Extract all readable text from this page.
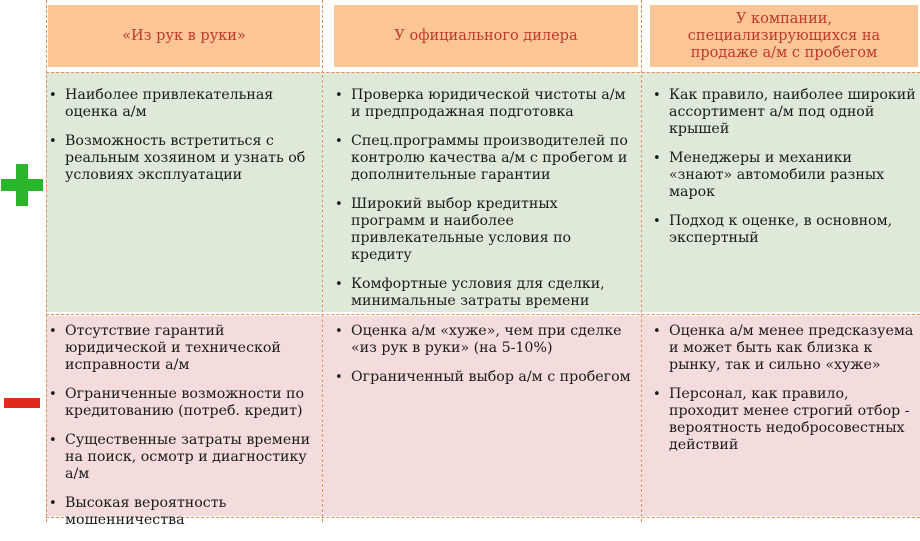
«Из рук в руки»	У официального дилера
У компании, специализирующихся на продаже а/м с пробегом
• Наиболее привлекательная оценка а/м
• Возможность встретиться с реальным хозяином и узнать об условиях эксплуатации
• Проверка юридической чистоты а/м и предпродажная подготовка
• Спец.программы производителей по контролю качества а/м с пробегом и дополнительные гарантии
• Широкий выбор кредитных программ и наиболее привлекательные условия по кредиту
• Комфортные условия для сделки, минимальные затраты времени
• Как правило, наиболее широкий ассортимент а/м под одной крышей
• Менеджеры и механики «знают» автомобили разных марок
• Подход к оценке, в основном, экспертный
• Отсутствие гарантий юридической и технической исправности а/м
• Ограниченные возможности по кредитованию (потреб. кредит)
• Существенные затраты времени на поиск, осмотр и диагностику а/м
• Высокая вероятность мошенничества
• Оценка а/м «хуже», чем при сделке «из рук в руки» (на 5-10%)
• Ограниченный выбор а/м с пробегом
• Оценка а/м менее предсказуема и может быть как близка к рынку, так и сильно «хуже»
• Персонал, как правило, проходит менее строгий отбор - вероятность недобросовестных действий
